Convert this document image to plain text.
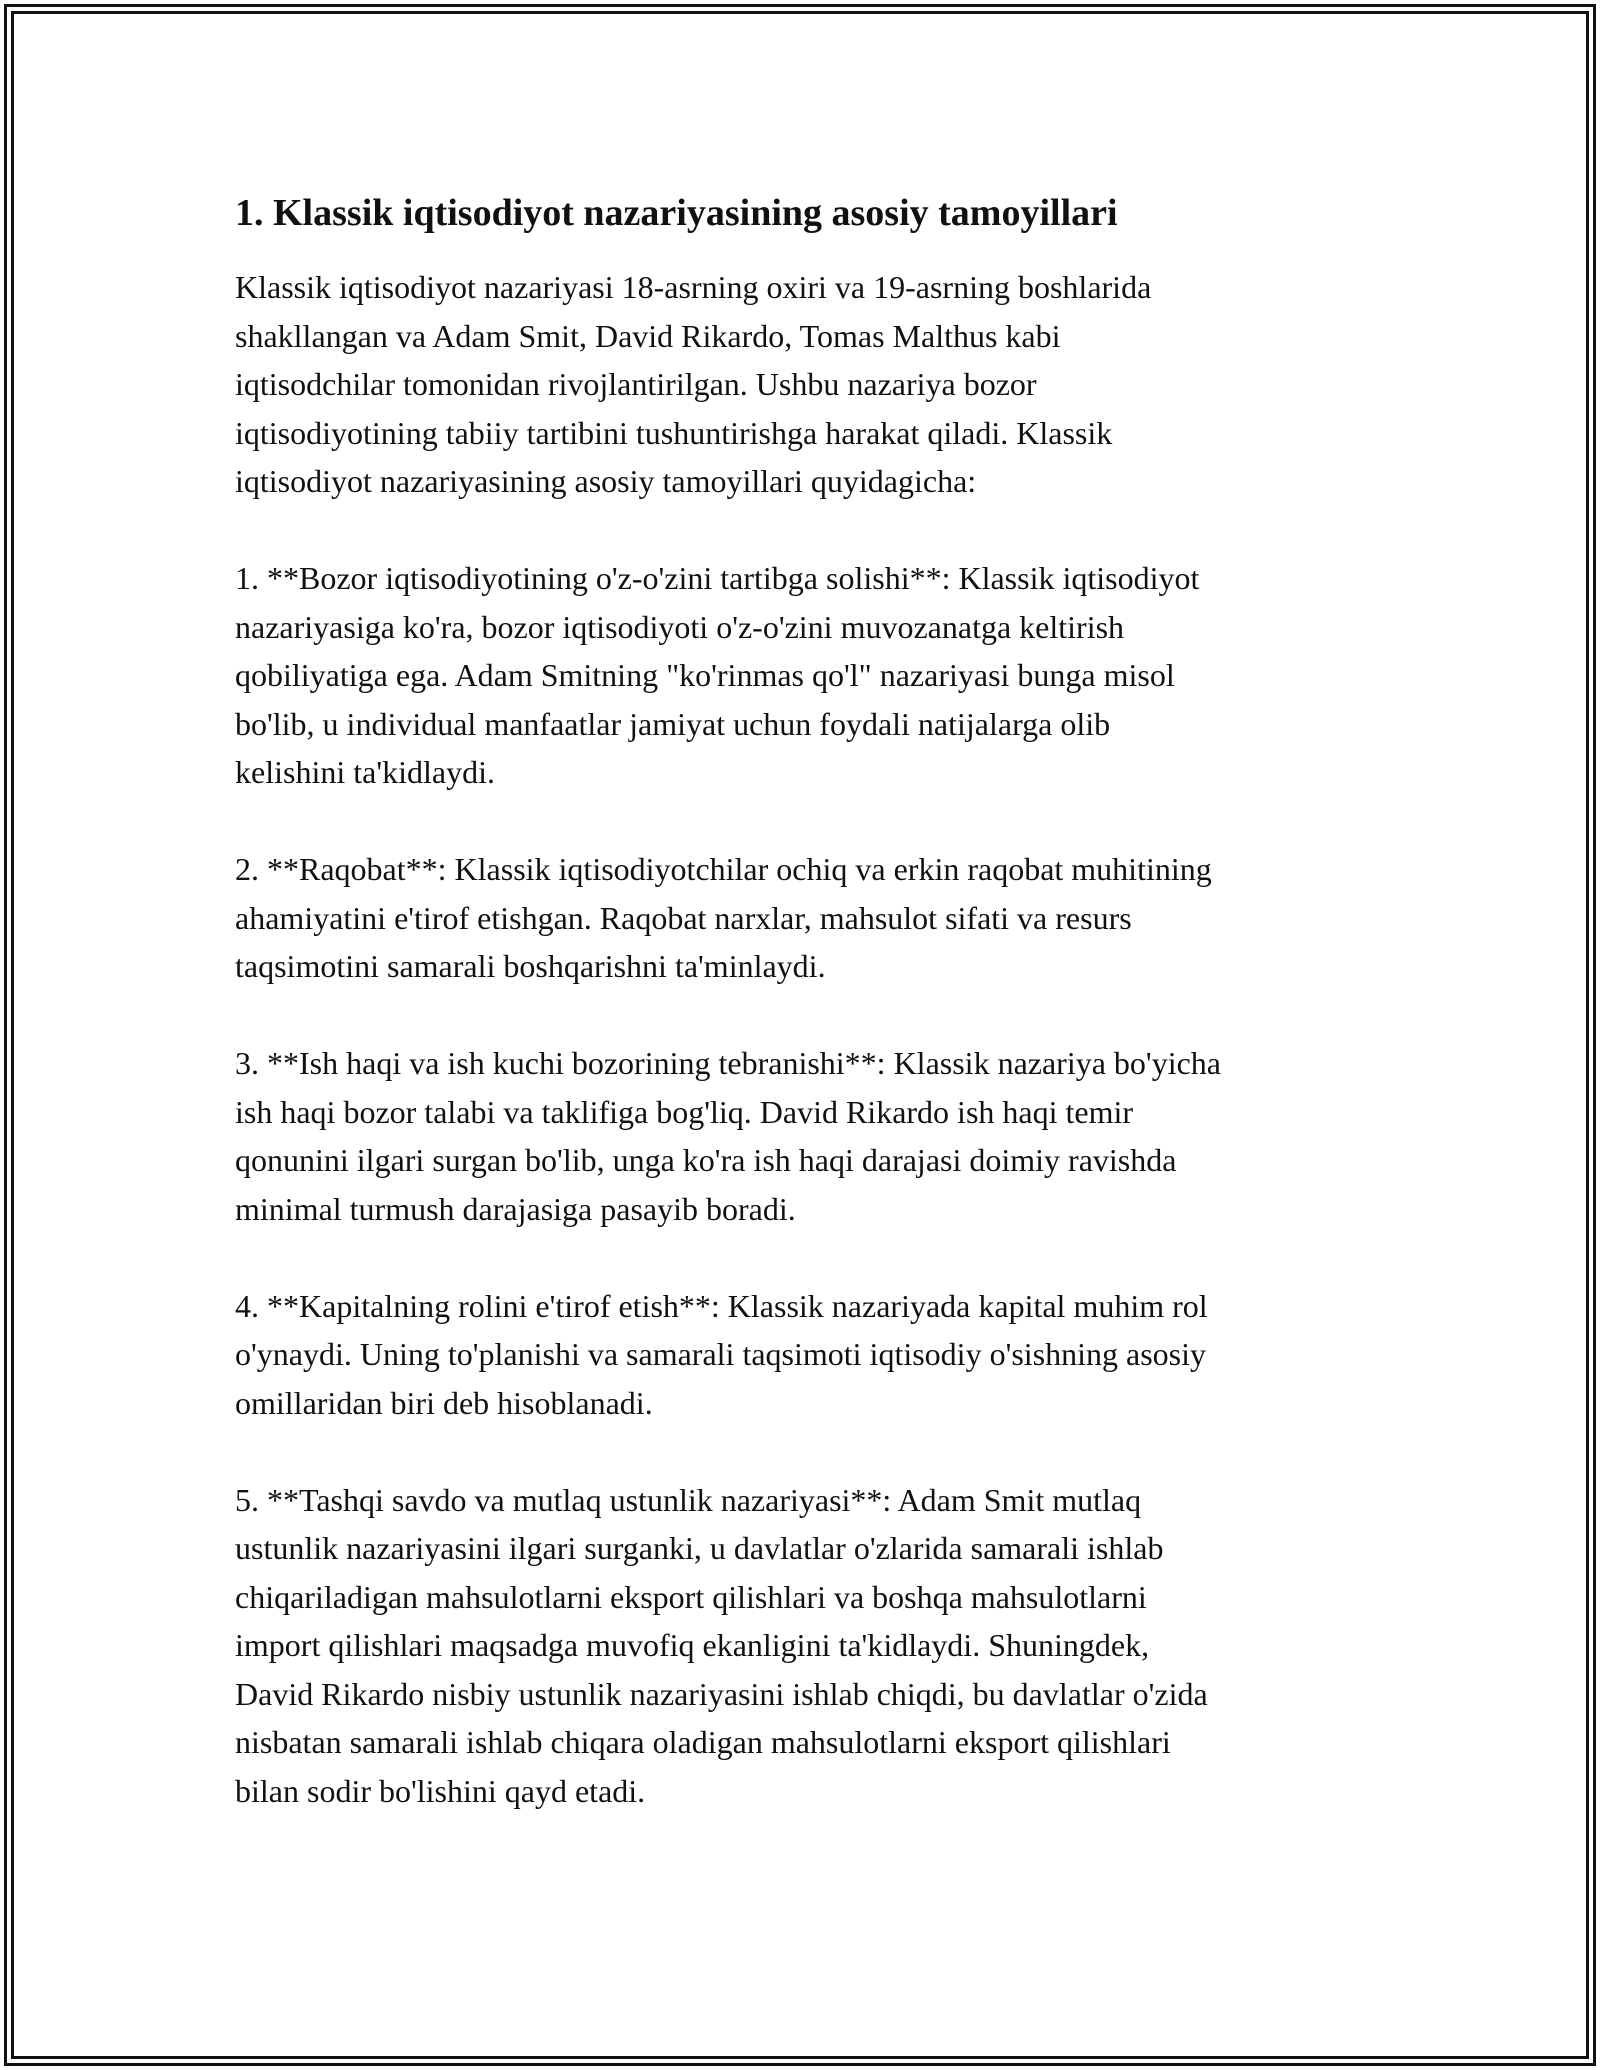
1. Klassik iqtisodiyot nazariyasining asosiy tamoyillari

Klassik iqtisodiyot nazariyasi 18-asrning oxiri va 19-asrning boshlarida
shakllangan va Adam Smit, David Rikardo, Tomas Malthus kabi
iqtisodchilar tomonidan rivojlantirilgan. Ushbu nazariya bozor
iqtisodiyotining tabiiy tartibini tushuntirishga harakat qiladi. Klassik
iqtisodiyot nazariyasining asosiy tamoyillari quyidagicha:

1. **Bozor iqtisodiyotining o'z-o'zini tartibga solishi**: Klassik iqtisodiyot
nazariyasiga ko'ra, bozor iqtisodiyoti o'z-o'zini muvozanatga keltirish
qobiliyatiga ega. Adam Smitning "ko'rinmas qo'l" nazariyasi bunga misol
bo'lib, u individual manfaatlar jamiyat uchun foydali natijalarga olib
kelishini ta'kidlaydi.

2. **Raqobat**: Klassik iqtisodiyotchilar ochiq va erkin raqobat muhitining
ahamiyatini e'tirof etishgan. Raqobat narxlar, mahsulot sifati va resurs
taqsimotini samarali boshqarishni ta'minlaydi.

3. **Ish haqi va ish kuchi bozorining tebranishi**: Klassik nazariya bo'yicha
ish haqi bozor talabi va taklifiga bog'liq. David Rikardo ish haqi temir
qonunini ilgari surgan bo'lib, unga ko'ra ish haqi darajasi doimiy ravishda
minimal turmush darajasiga pasayib boradi.

4. **Kapitalning rolini e'tirof etish**: Klassik nazariyada kapital muhim rol
o'ynaydi. Uning to'planishi va samarali taqsimoti iqtisodiy o'sishning asosiy
omillaridan biri deb hisoblanadi.

5. **Tashqi savdo va mutlaq ustunlik nazariyasi**: Adam Smit mutlaq
ustunlik nazariyasini ilgari surganki, u davlatlar o'zlarida samarali ishlab
chiqariladigan mahsulotlarni eksport qilishlari va boshqa mahsulotlarni
import qilishlari maqsadga muvofiq ekanligini ta'kidlaydi. Shuningdek,
David Rikardo nisbiy ustunlik nazariyasini ishlab chiqdi, bu davlatlar o'zida
nisbatan samarali ishlab chiqara oladigan mahsulotlarni eksport qilishlari
bilan sodir bo'lishini qayd etadi.
